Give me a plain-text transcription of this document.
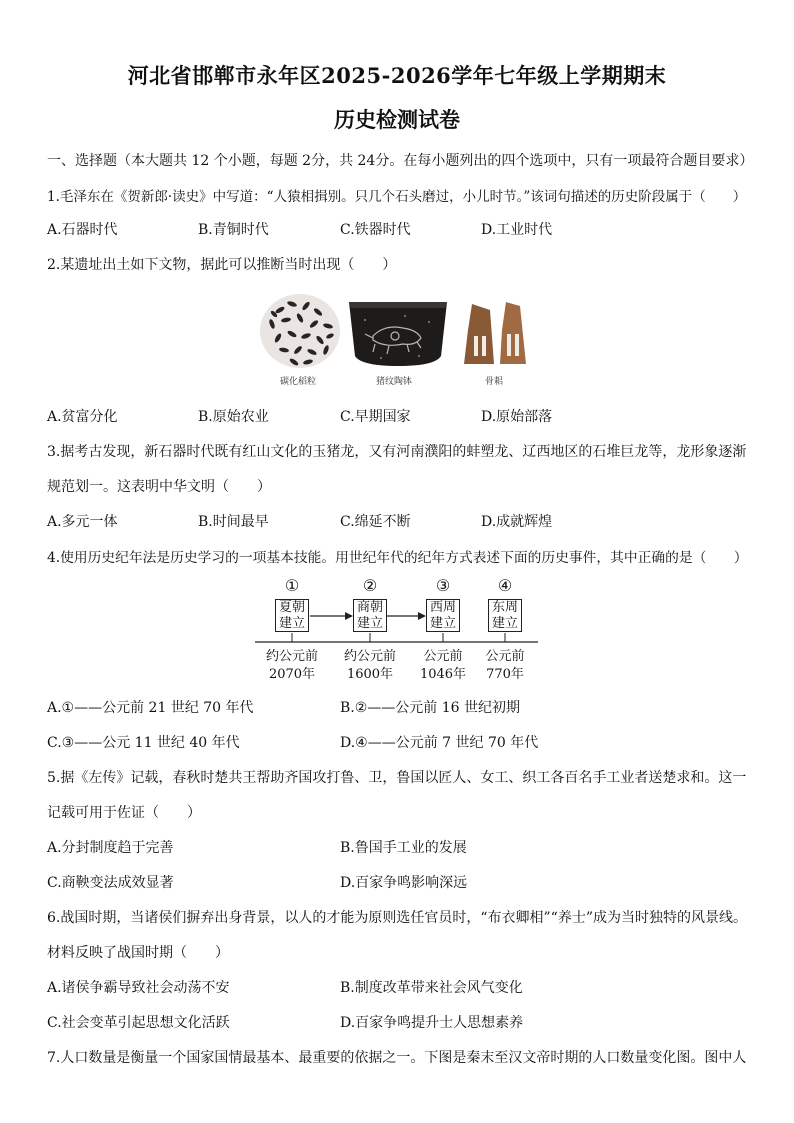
河北省邯郸市永年区2025-2026学年七年级上学期期末
历史检测试卷

一、选择题（本大题共 12 个小题，每题 2分，共 24分。在每小题列出的四个选项中，只有一项最符合题目要求）

1.毛泽东在《贺新郎·读史》中写道：“人猿相揖别。只几个石头磨过，小儿时节。”该词句描述的历史阶段属于（　　）

A.石器时代	B.青铜时代	C.铁器时代	D.工业时代

2.某遗址出土如下文物，据此可以推断当时出现（　　）

碳化稻粒	猪纹陶钵	骨耜

A.贫富分化	B.原始农业	C.早期国家	D.原始部落

3.据考古发现，新石器时代既有红山文化的玉猪龙，又有河南濮阳的蚌塑龙、辽西地区的石堆巨龙等，龙形象逐渐

规范划一。这表明中华文明（　　）

A.多元一体	B.时间最早	C.绵延不断	D.成就辉煌

4.使用历史纪年法是历史学习的一项基本技能。用世纪年代的纪年方式表述下面的历史事件，其中正确的是（　　）

①	②	③	④
夏朝
建立
商朝
建立
西周
建立
东周
建立
约公元前
2070年
约公元前
1600年
公元前
1046年
公元前
770年

A.①——公元前 21 世纪 70 年代	B.②——公元前 16 世纪初期

C.③——公元 11 世纪 40 年代	D.④——公元前 7 世纪 70 年代

5.据《左传》记载，春秋时楚共王帮助齐国攻打鲁、卫，鲁国以匠人、女工、织工各百名手工业者送楚求和。这一

记载可用于佐证（　　）

A.分封制度趋于完善	B.鲁国手工业的发展

C.商鞅变法成效显著	D.百家争鸣影响深远

6.战国时期，当诸侯们摒弃出身背景，以人的才能为原则选任官员时，“布衣卿相”“养士”成为当时独特的风景线。

材料反映了战国时期（　　）

A.诸侯争霸导致社会动荡不安	B.制度改革带来社会风气变化

C.社会变革引起思想文化活跃	D.百家争鸣提升士人思想素养

7.人口数量是衡量一个国家国情最基本、最重要的依据之一。下图是秦末至汉文帝时期的人口数量变化图。图中人
